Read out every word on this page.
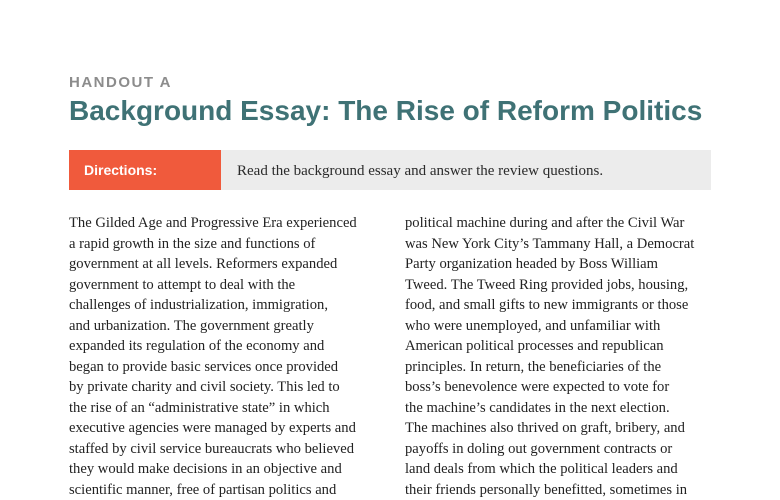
HANDOUT A
Background Essay: The Rise of Reform Politics
Directions:	Read the background essay and answer the review questions.
The Gilded Age and Progressive Era experienced
a rapid growth in the size and functions of
government at all levels. Reformers expanded
government to attempt to deal with the
challenges of industrialization, immigration,
and urbanization. The government greatly
expanded its regulation of the economy and
began to provide basic services once provided
by private charity and civil society. This led to
the rise of an “administrative state” in which
executive agencies were managed by experts and
staffed by civil service bureaucrats who believed
they would make decisions in an objective and
scientific manner, free of partisan politics and
political machine during and after the Civil War
was New York City’s Tammany Hall, a Democrat
Party organization headed by Boss William
Tweed. The Tweed Ring provided jobs, housing,
food, and small gifts to new immigrants or those
who were unemployed, and unfamiliar with
American political processes and republican
principles. In return, the beneficiaries of the
boss’s benevolence were expected to vote for
the machine’s candidates in the next election.
The machines also thrived on graft, bribery, and
payoffs in doling out government contracts or
land deals from which the political leaders and
their friends personally benefitted, sometimes in
